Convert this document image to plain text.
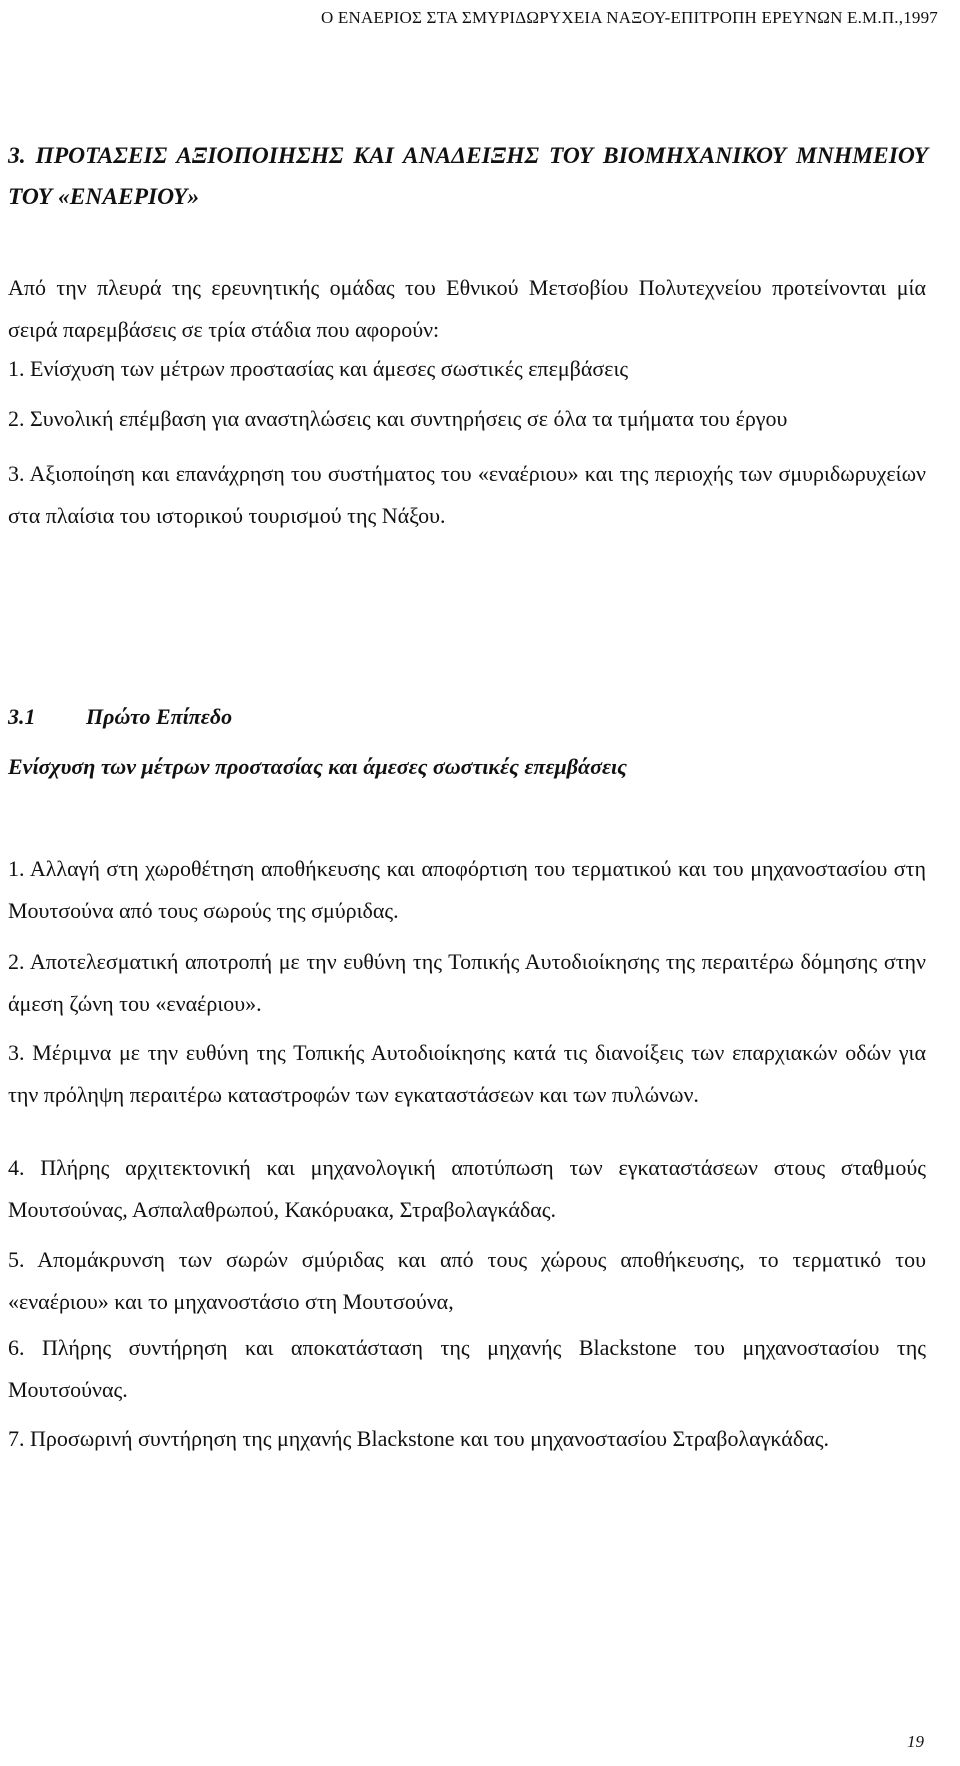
Ο ΕΝΑΕΡΙΟΣ ΣΤΑ ΣΜΥΡΙΔΩΡΥΧΕΙΑ ΝΑΞΟΥ-ΕΠΙΤΡΟΠΗ ΕΡΕΥΝΩΝ Ε.Μ.Π.,1997
3. ΠΡΟΤΑΣΕΙΣ ΑΞΙΟΠΟΙΗΣΗΣ ΚΑΙ ΑΝΑΔΕΙΞΗΣ ΤΟΥ ΒΙΟΜΗΧΑΝΙΚΟΥ ΜΝΗΜΕΙΟΥ ΤΟΥ «ΕΝΑΕΡΙΟΥ»

Από την πλευρά της ερευνητικής ομάδας του Εθνικού Μετσοβίου Πολυτεχνείου προτείνονται μία σειρά παρεμβάσεις σε τρία στάδια που αφορούν:

1. Ενίσχυση των μέτρων προστασίας και άμεσες σωστικές επεμβάσεις

2. Συνολική επέμβαση για αναστηλώσεις και συντηρήσεις σε όλα τα τμήματα του έργου

3. Αξιοποίηση και επανάχρηση του συστήματος του «εναέριου» και της περιοχής των σμυριδωρυχείων στα πλαίσια του ιστορικού τουρισμού της Νάξου.

3.1 Πρώτο Επίπεδο
Ενίσχυση των μέτρων προστασίας και άμεσες σωστικές επεμβάσεις

1. Αλλαγή στη χωροθέτηση αποθήκευσης και αποφόρτιση του τερματικού και του μηχανοστασίου στη Μουτσούνα από τους σωρούς της σμύριδας.

2. Αποτελεσματική αποτροπή με την ευθύνη της Τοπικής Αυτοδιοίκησης της περαιτέρω δόμησης στην άμεση ζώνη του «εναέριου».

3. Μέριμνα με την ευθύνη της Τοπικής Αυτοδιοίκησης κατά τις διανοίξεις των επαρχιακών οδών για την πρόληψη περαιτέρω καταστροφών των εγκαταστάσεων και των πυλώνων.

4. Πλήρης αρχιτεκτονική και μηχανολογική αποτύπωση των εγκαταστάσεων στους σταθμούς Μουτσούνας, Ασπαλαθρωπού, Κακόρυακα, Στραβολαγκάδας.

5. Απομάκρυνση των σωρών σμύριδας και από τους χώρους αποθήκευσης, το τερματικό του «εναέριου» και το μηχανοστάσιο στη Μουτσούνα,

6. Πλήρης συντήρηση και αποκατάσταση της μηχανής Blackstone του μηχανοστασίου της Μουτσούνας.

7. Προσωρινή συντήρηση της μηχανής Blackstone και του μηχανοστασίου Στραβολαγκάδας.

19
